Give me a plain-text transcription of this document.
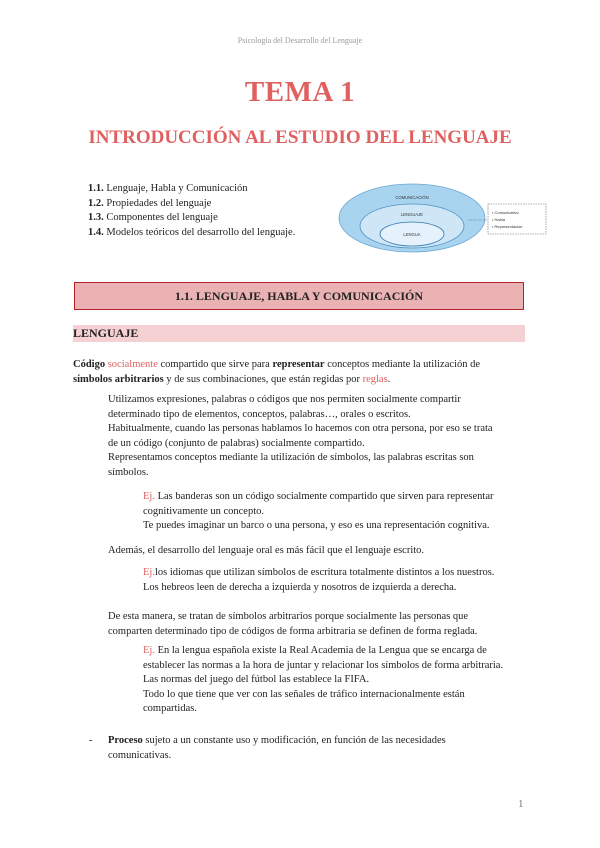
Psicología del Desarrollo del Lenguaje
TEMA 1
INTRODUCCIÓN AL ESTUDIO DEL LENGUAJE
1.1. Lenguaje, Habla y Comunicación
1.2. Propiedades del lenguaje
1.3. Componentes del lenguaje
1.4. Modelos teóricos del desarrollo del lenguaje.
COMUNICACIÓN
LENGUAJE
LENGUA
• Comunicativo
• Habla
• Representación
1.1. LENGUAJE, HABLA Y COMUNICACIÓN
LENGUAJE
Código socialmente compartido que sirve para representar conceptos mediante la utilización de
símbolos arbitrarios y de sus combinaciones, que están regidas por reglas.
Utilizamos expresiones, palabras o códigos que nos permiten socialmente compartir
determinado tipo de elementos, conceptos, palabras…, orales o escritos.
Habitualmente, cuando las personas hablamos lo hacemos con otra persona, por eso se trata
de un código (conjunto de palabras) socialmente compartido.
Representamos conceptos mediante la utilización de símbolos, las palabras escritas son
símbolos.
Ej. Las banderas son un código socialmente compartido que sirven para representar
cognitivamente un concepto.
Te puedes imaginar un barco o una persona, y eso es una representación cognitiva.
Además, el desarrollo del lenguaje oral es más fácil que el lenguaje escrito.
Ej.los idiomas que utilizan símbolos de escritura totalmente distintos a los nuestros.
Los hebreos leen de derecha a izquierda y nosotros de izquierda a derecha.
De esta manera, se tratan de símbolos arbitrarios porque socialmente las personas que
comparten determinado tipo de códigos de forma arbitraria se definen de forma reglada.
Ej. En la lengua española existe la Real Academia de la Lengua que se encarga de
establecer las normas a la hora de juntar y relacionar los símbolos de forma arbitraria.
Las normas del juego del fútbol las establece la FIFA.
Todo lo que tiene que ver con las señales de tráfico internacionalmente están
compartidas.
- Proceso sujeto a un constante uso y modificación, en función de las necesidades
comunicativas.
1
